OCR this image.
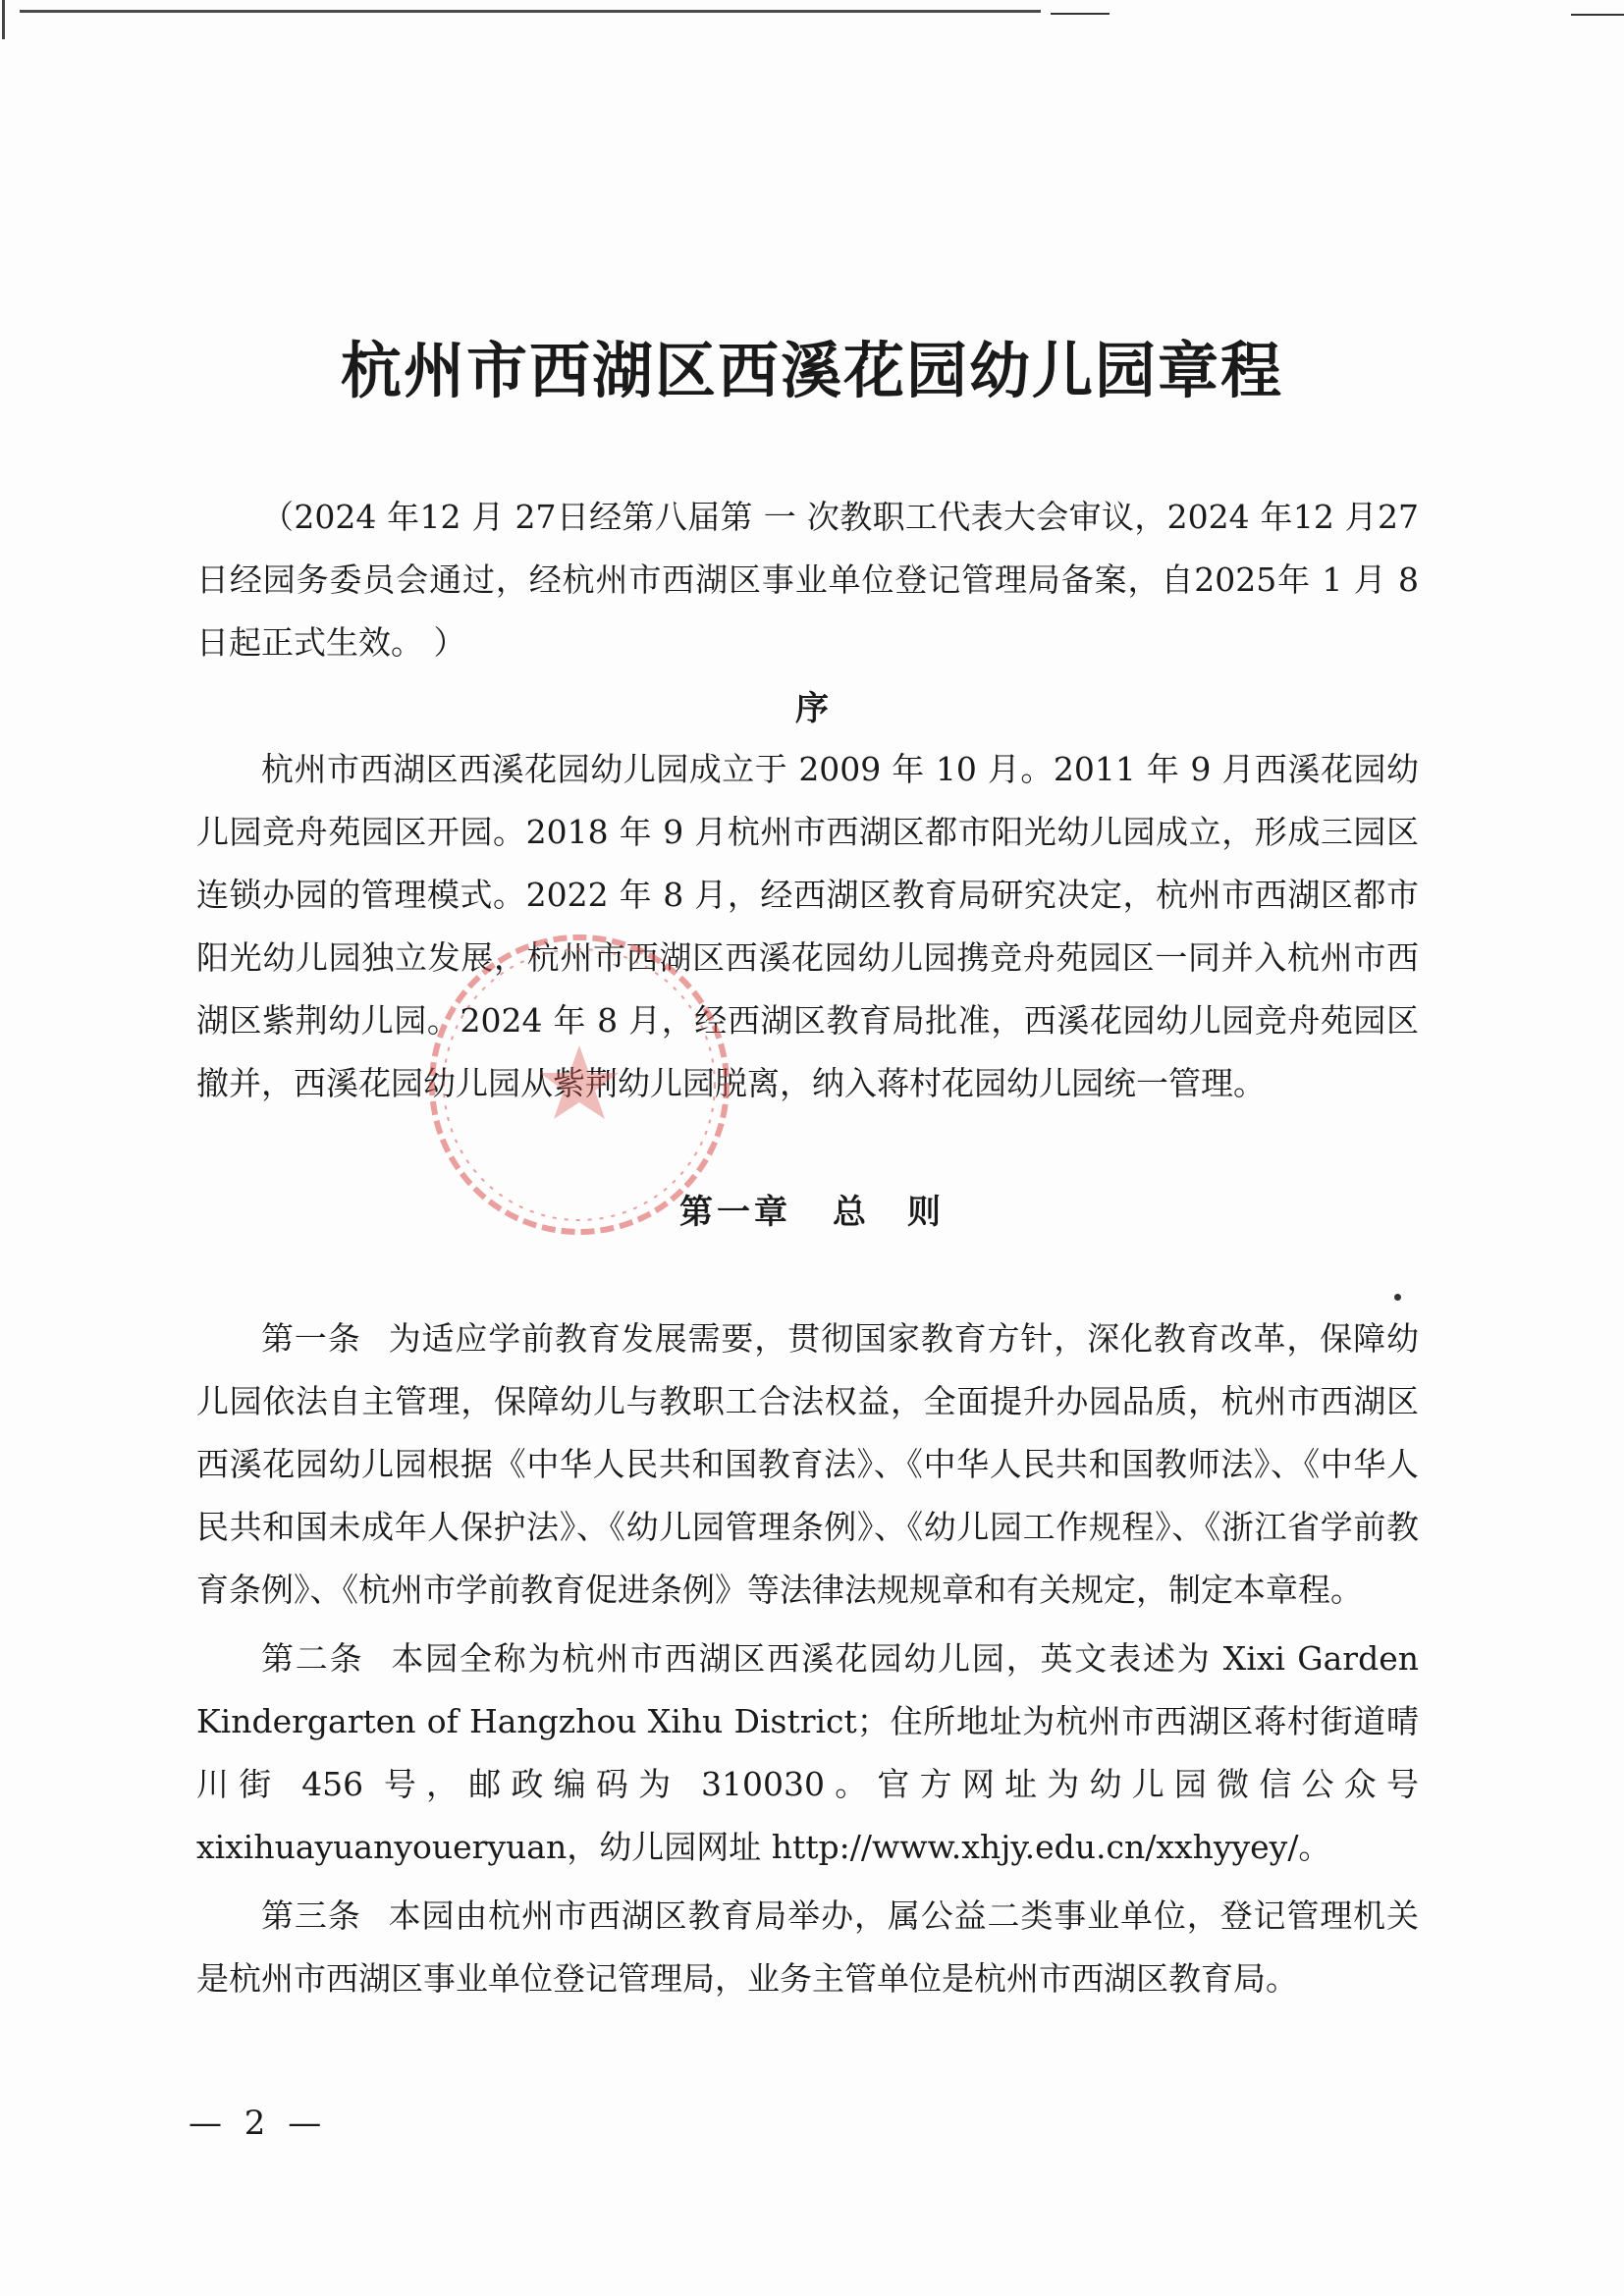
杭州市西湖区西溪花园幼儿园章程

（2024 年12 月 27日经第八届第 一 次教职工代表大会审议，2024 年12 月27日经园务委员会通过，经杭州市西湖区事业单位登记管理局备案，自2025年 1 月 8 日起正式生效。 ）

序

杭州市西湖区西溪花园幼儿园成立于 2009 年 10 月。2011 年 9 月西溪花园幼儿园竞舟苑园区开园。2018 年 9 月杭州市西湖区都市阳光幼儿园成立，形成三园区连锁办园的管理模式。2022 年 8 月，经西湖区教育局研究决定，杭州市西湖区都市阳光幼儿园独立发展，杭州市西湖区西溪花园幼儿园携竞舟苑园区一同并入杭州市西湖区紫荆幼儿园。2024 年 8 月，经西湖区教育局批准，西溪花园幼儿园竞舟苑园区撤并，西溪花园幼儿园从紫荆幼儿园脱离，纳入蒋村花园幼儿园统一管理。

第一章 总　则

第一条 为适应学前教育发展需要，贯彻国家教育方针，深化教育改革，保障幼儿园依法自主管理，保障幼儿与教职工合法权益，全面提升办园品质，杭州市西湖区西溪花园幼儿园根据《中华人民共和国教育法》、《中华人民共和国教师法》、《中华人民共和国未成年人保护法》、《幼儿园管理条例》、《幼儿园工作规程》、《浙江省学前教育条例》、《杭州市学前教育促进条例》等法律法规规章和有关规定，制定本章程。

第二条 本园全称为杭州市西湖区西溪花园幼儿园，英文表述为 Xixi Garden Kindergarten of Hangzhou Xihu District；住所地址为杭州市西湖区蒋村街道晴川街 456 号，邮政编码为 310030。官方网址为幼儿园微信公众号 xixihuayuanyoueryuan，幼儿园网址 http://www.xhjy.edu.cn/xxhyyey/。

第三条 本园由杭州市西湖区教育局举办，属公益二类事业单位，登记管理机关是杭州市西湖区事业单位登记管理局，业务主管单位是杭州市西湖区教育局。

— 2 —
